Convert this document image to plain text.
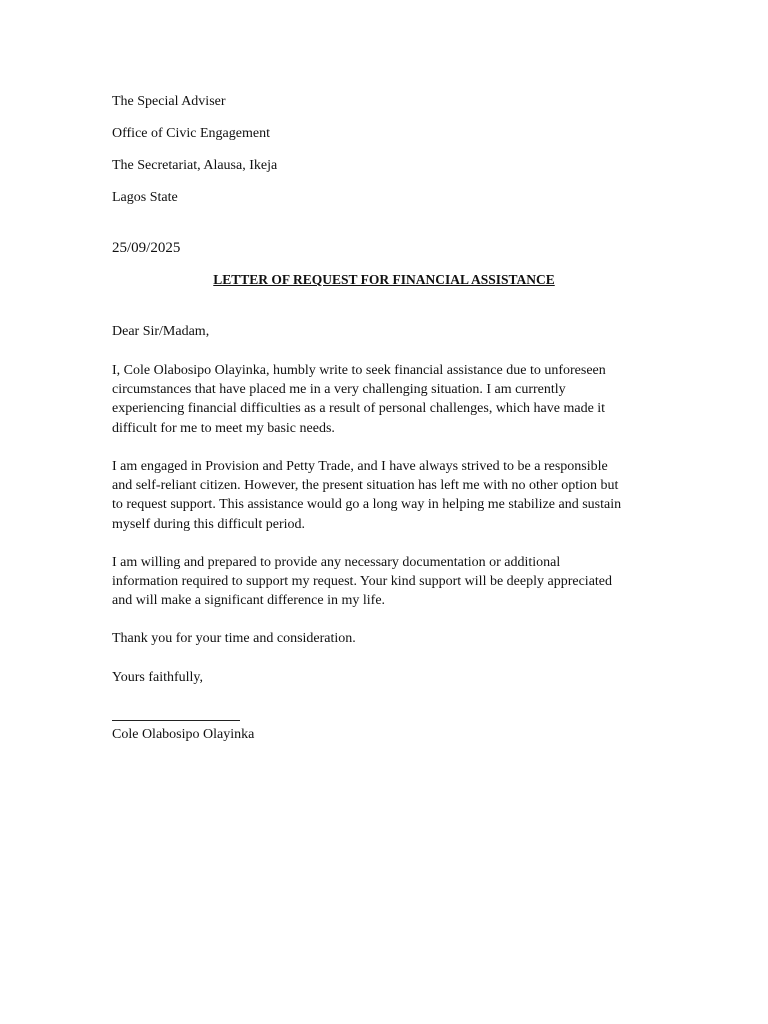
The Special Adviser
Office of Civic Engagement
The Secretariat, Alausa, Ikeja
Lagos State
25/09/2025
LETTER OF REQUEST FOR FINANCIAL ASSISTANCE
Dear Sir/Madam,
I, Cole Olabosipo Olayinka, humbly write to seek financial assistance due to unforeseen
circumstances that have placed me in a very challenging situation. I am currently
experiencing financial difficulties as a result of personal challenges, which have made it
difficult for me to meet my basic needs.
I am engaged in Provision and Petty Trade, and I have always strived to be a responsible
and self-reliant citizen. However, the present situation has left me with no other option but
to request support. This assistance would go a long way in helping me stabilize and sustain
myself during this difficult period.
I am willing and prepared to provide any necessary documentation or additional
information required to support my request. Your kind support will be deeply appreciated
and will make a significant difference in my life.
Thank you for your time and consideration.
Yours faithfully,
Cole Olabosipo Olayinka
